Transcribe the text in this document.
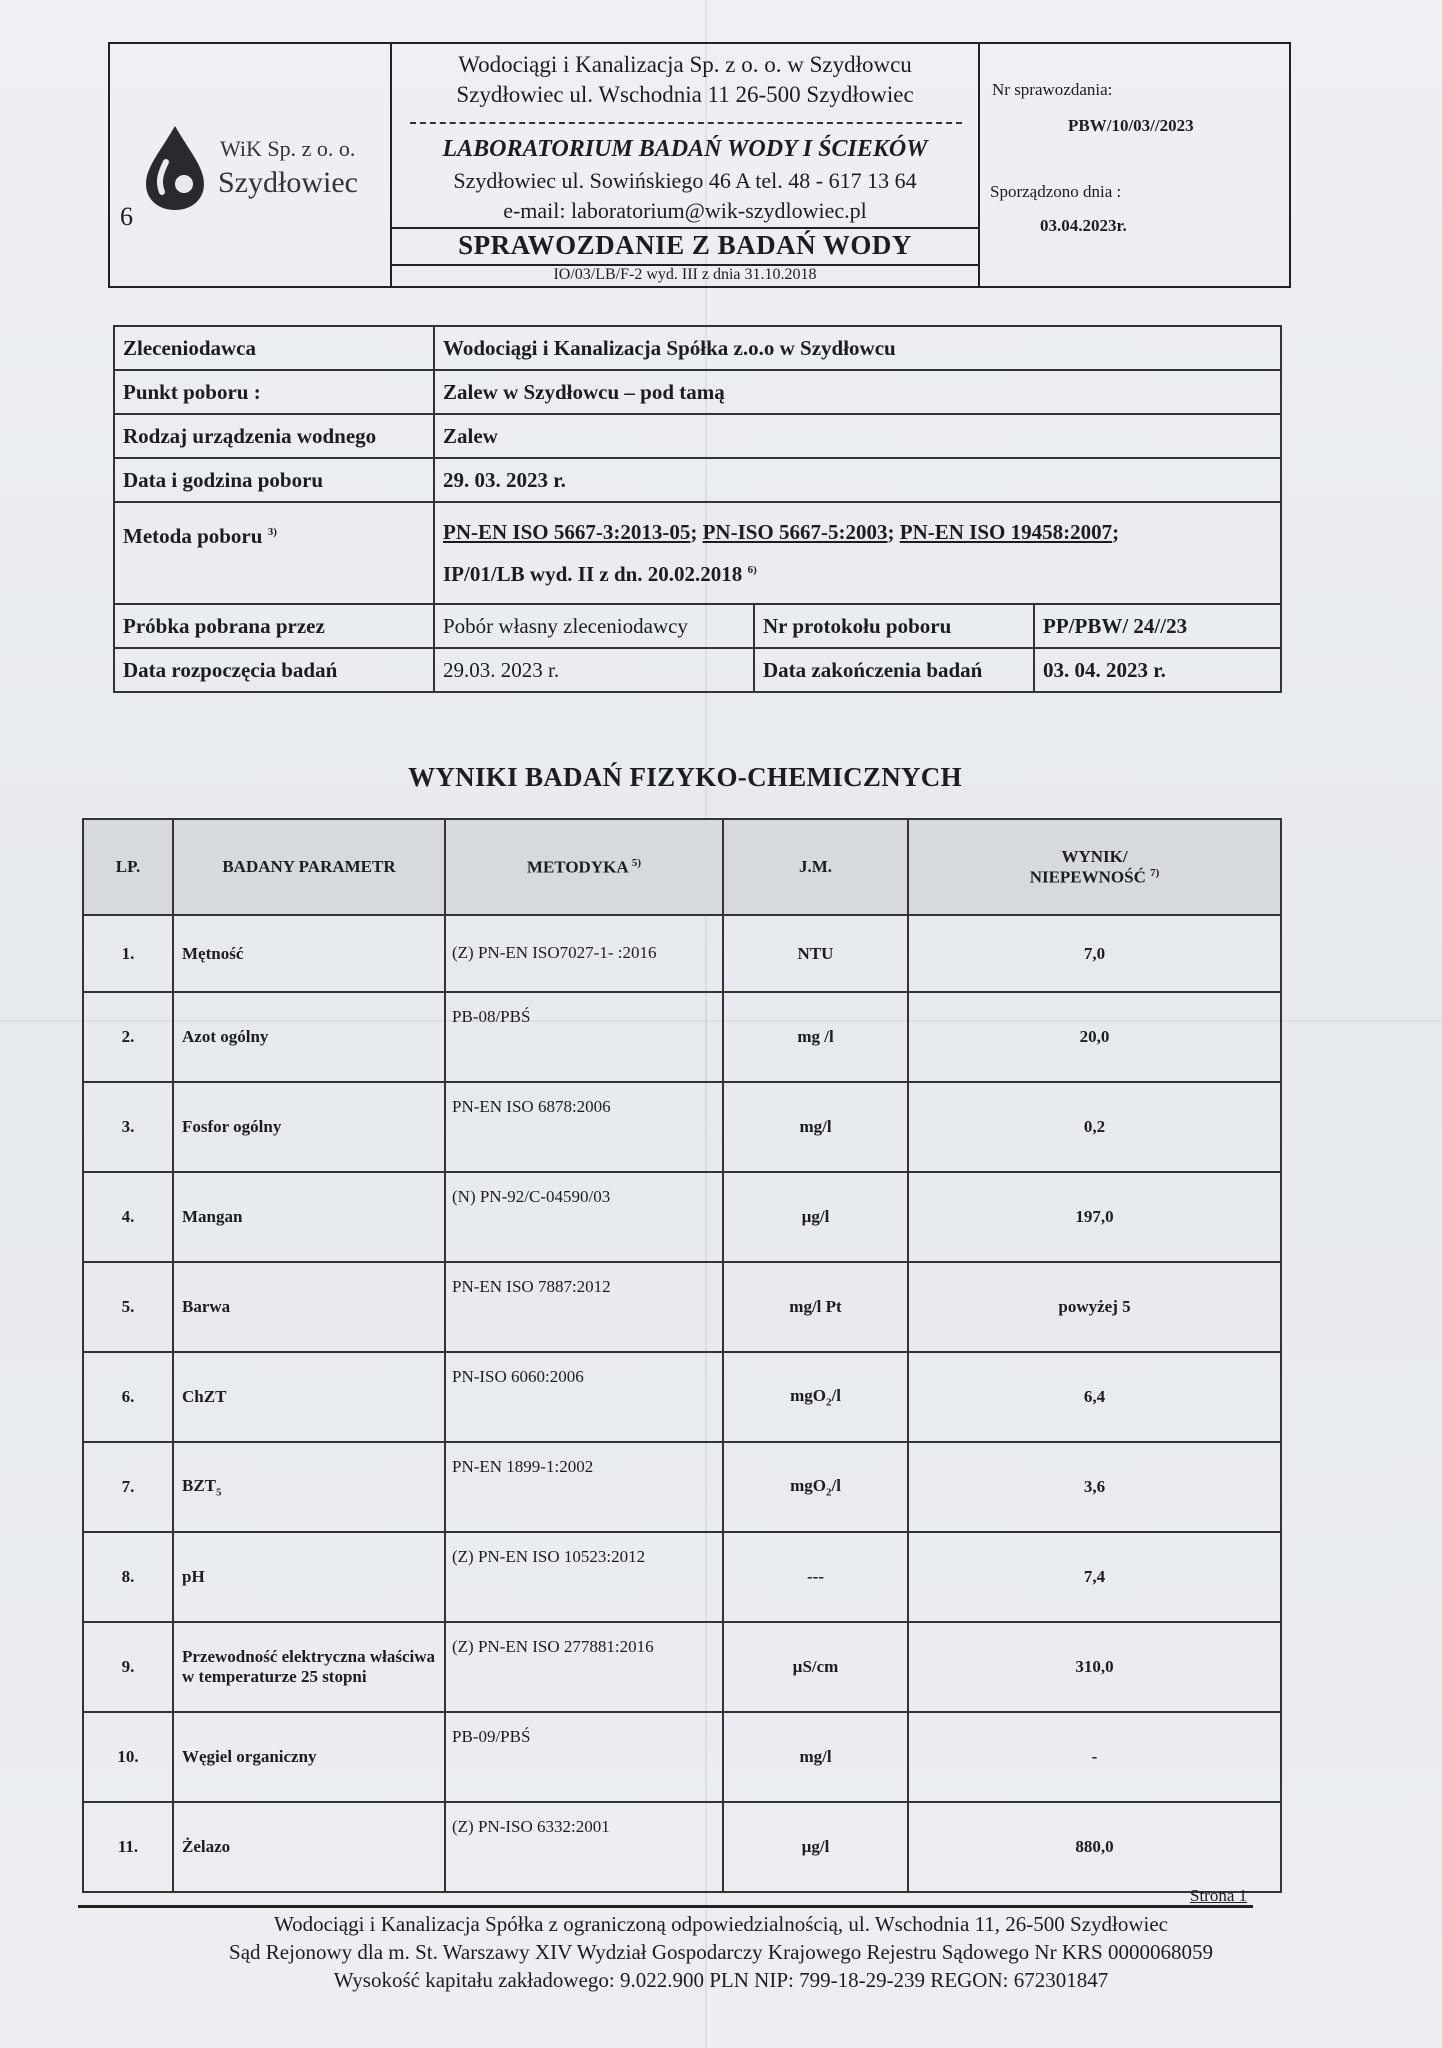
WiK Sp. z o. o.
Szydłowiec
6
Wodociągi i Kanalizacja Sp. z o. o. w Szydłowcu
Szydłowiec ul. Wschodnia 11 26-500 Szydłowiec
LABORATORIUM BADAŃ WODY I ŚCIEKÓW
Szydłowiec ul. Sowińskiego 46 A tel. 48 - 617 13 64
e-mail: laboratorium@wik-szydlowiec.pl
SPRAWOZDANIE Z BADAŃ WODY
IO/03/LB/F-2 wyd. III z dnia 31.10.2018
Nr sprawozdania:
PBW/10/03//2023
Sporządzono dnia :
03.04.2023r.
Zleceniodawca	Wodociągi i Kanalizacja Spółka z.o.o w Szydłowcu		
Punkt poboru :	Zalew w Szydłowcu – pod tamą		
Rodzaj urządzenia wodnego	Zalew		
Data i godzina poboru	29. 03. 2023 r.		
Metoda poboru $^{3)}$	PN-EN ISO 5667-3:2013-05; PN-ISO 5667-5:2003; PN-EN ISO 19458:2007;
IP/01/LB wyd. II z dn. 20.02.2018 $^{6)}$
Próbka pobrana przez	Pobór własny zleceniodawcy	Nr protokołu poboru	PP/PBW/ 24//23
Data rozpoczęcia badań	29.03. 2023 r.	Data zakończenia badań	03. 04. 2023 r.
WYNIKI BADAŃ FIZYKO-CHEMICZNYCH
LP.	BADANY PARAMETR	METODYKA $^{5)}$	J.M.	WYNIK/
NIEPEWNOŚĆ $^{7)}$
1.	Mętność	(Z) PN-EN ISO7027-1- :2016	NTU	7,0
2.	Azot ogólny	PB-08/PBŚ	mg /l	20,0
3.	Fosfor ogólny	PN-EN ISO 6878:2006	mg/l	0,2
4.	Mangan	(N) PN-92/C-04590/03	µg/l	197,0
5.	Barwa	PN-EN ISO 7887:2012	mg/l Pt	powyżej 5
6.	ChZT	PN-ISO 6060:2006	mgO$_2$/l	6,4
7.	$BZT_5$	PN-EN 1899-1:2002	mgO$_2$/l	3,6
8.	pH	(Z) PN-EN ISO 10523:2012	---	7,4
9.	Przewodność elektryczna właściwa w temperaturze 25 stopni	(Z) PN-EN ISO 277881:2016	µS/cm	310,0
10.	Węgiel organiczny	PB-09/PBŚ	mg/l	-
11.	Żelazo	(Z) PN-ISO 6332:2001	µg/l	880,0
Strona 1
Wodociągi i Kanalizacja Spółka z ograniczoną odpowiedzialnością, ul. Wschodnia 11, 26-500 Szydłowiec
Sąd Rejonowy dla m. St. Warszawy XIV Wydział Gospodarczy Krajowego Rejestru Sądowego Nr KRS 0000068059
Wysokość kapitału zakładowego: 9.022.900 PLN NIP: 799-18-29-239 REGON: 672301847
